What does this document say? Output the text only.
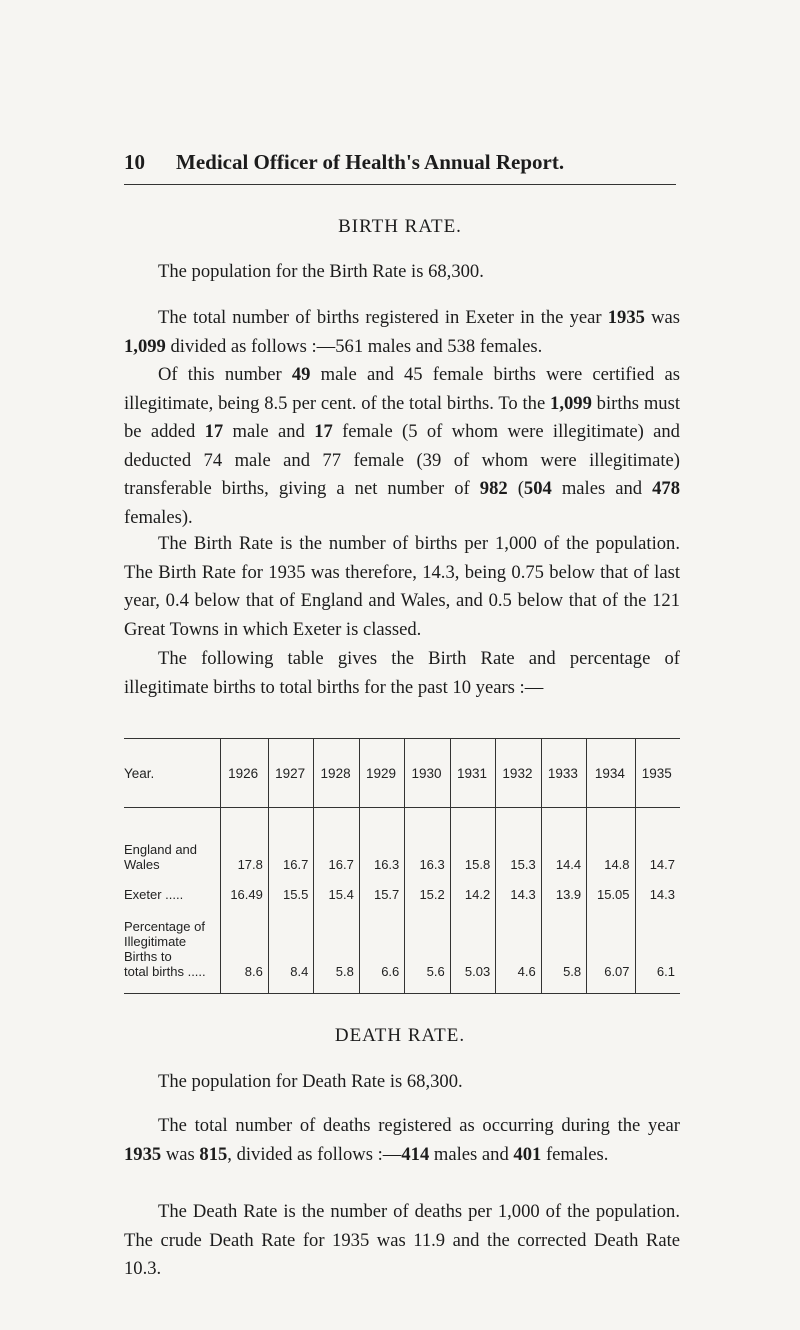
10 Medical Officer of Health's Annual Report.
BIRTH RATE.
The population for the Birth Rate is 68,300.
The total number of births registered in Exeter in the year 1935 was 1,099 divided as follows :—561 males and 538 females.
Of this number 49 male and 45 female births were certified as illegitimate, being 8.5 per cent. of the total births. To the 1,099 births must be added 17 male and 17 female (5 of whom were illegitimate) and deducted 74 male and 77 female (39 of whom were illegitimate) transferable births, giving a net number of 982 (504 males and 478 females).
The Birth Rate is the number of births per 1,000 of the population. The Birth Rate for 1935 was therefore, 14.3, being 0.75 below that of last year, 0.4 below that of England and Wales, and 0.5 below that of the 121 Great Towns in which Exeter is classed.
The following table gives the Birth Rate and percentage of illegitimate births to total births for the past 10 years :—
Year.	1926	1927	1928	1929	1930	1931	1932	1933	1934	1935

England and
Wales	17.8	16.7	16.7	16.3	16.3	15.8	15.3	14.4	14.8	14.7

Exeter .....	16.49	15.5	15.4	15.7	15.2	14.2	14.3	13.9	15.05	14.3

Percentage of
Illegitimate
Births to
total births .....	8.6	8.4	5.8	6.6	5.6	5.03	4.6	5.8	6.07	6.1
DEATH RATE.
The population for Death Rate is 68,300.
The total number of deaths registered as occurring during the year 1935 was 815, divided as follows :—414 males and 401 females.
The Death Rate is the number of deaths per 1,000 of the population. The crude Death Rate for 1935 was 11.9 and the corrected Death Rate 10.3.
